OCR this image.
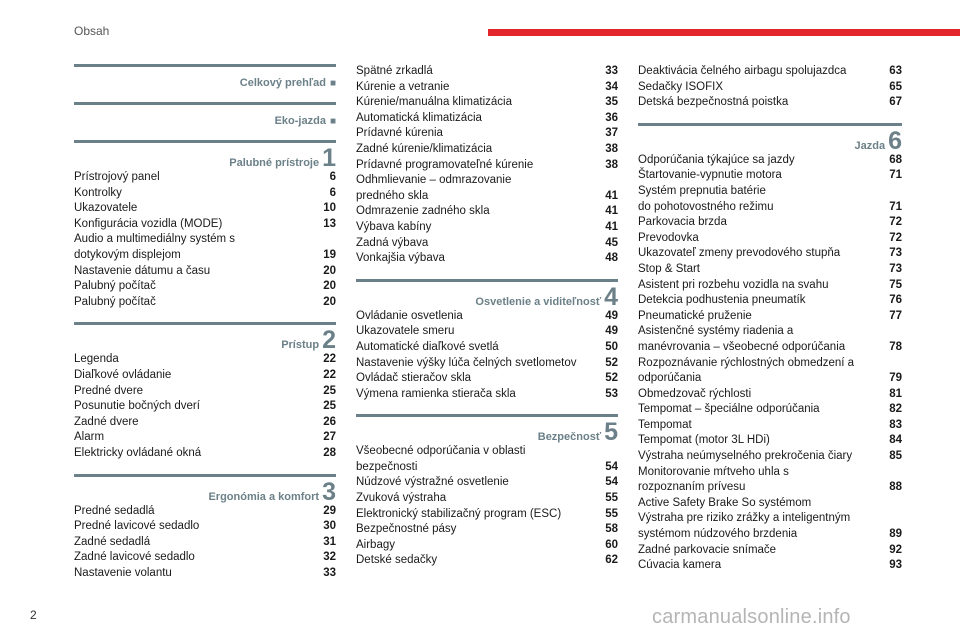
Obsah
Celkový prehľad ■
Eko-jazda ■
Palubné prístroje 1
Prístrojový panel	6
Kontrolky	6
Ukazovatele	10
Konfigurácia vozidla (MODE)	13
Audio a multimediálny systém s
dotykovým displejom	19
Nastavenie dátumu a času	20
Palubný počítač	20
Palubný počítač	20
Prístup 2
Legenda	22
Diaľkové ovládanie	22
Predné dvere	25
Posunutie bočných dverí	25
Zadné dvere	26
Alarm	27
Elektricky ovládané okná	28
Ergonómia a komfort 3
Predné sedadlá	29
Predné lavicové sedadlo	30
Zadné sedadlá	31
Zadné lavicové sedadlo	32
Nastavenie volantu	33
Spätné zrkadlá	33
Kúrenie a vetranie	34
Kúrenie/manuálna klimatizácia	35
Automatická klimatizácia	36
Prídavné kúrenia	37
Zadné kúrenie/klimatizácia	38
Prídavné programovateľné kúrenie	38
Odhmlievanie – odmrazovanie
predného skla	41
Odmrazenie zadného skla	41
Výbava kabíny	41
Zadná výbava	45
Vonkajšia výbava	48
Osvetlenie a viditeľnosť 4
Ovládanie osvetlenia	49
Ukazovatele smeru	49
Automatické diaľkové svetlá	50
Nastavenie výšky lúča čelných svetlometov	52
Ovládač stieračov skla	52
Výmena ramienka stierača skla	53
Bezpečnosť 5
Všeobecné odporúčania v oblasti
bezpečnosti	54
Núdzové výstražné osvetlenie	54
Zvuková výstraha	55
Elektronický stabilizačný program (ESC)	55
Bezpečnostné pásy	58
Airbagy	60
Detské sedačky	62
Deaktivácia čelného airbagu spolujazdca	63
Sedačky ISOFIX	65
Detská bezpečnostná poistka	67
Jazda 6
Odporúčania týkajúce sa jazdy	68
Štartovanie-vypnutie motora	71
Systém prepnutia batérie
do pohotovostného režimu	71
Parkovacia brzda	72
Prevodovka	72
Ukazovateľ zmeny prevodového stupňa	73
Stop & Start	73
Asistent pri rozbehu vozidla na svahu	75
Detekcia podhustenia pneumatík	76
Pneumatické pruženie	77
Asistenčné systémy riadenia a
manévrovania – všeobecné odporúčania	78
Rozpoznávanie rýchlostných obmedzení a
odporúčania	79
Obmedzovač rýchlosti	81
Tempomat – špeciálne odporúčania	82
Tempomat	83
Tempomat (motor 3L HDi)	84
Výstraha neúmyselného prekročenia čiary	85
Monitorovanie mŕtveho uhla s
rozpoznaním prívesu	88
Active Safety Brake So systémom
Výstraha pre riziko zrážky a inteligentným
systémom núdzového brzdenia	89
Zadné parkovacie snímače	92
Cúvacia kamera	93
2	carmanualsonline.info
